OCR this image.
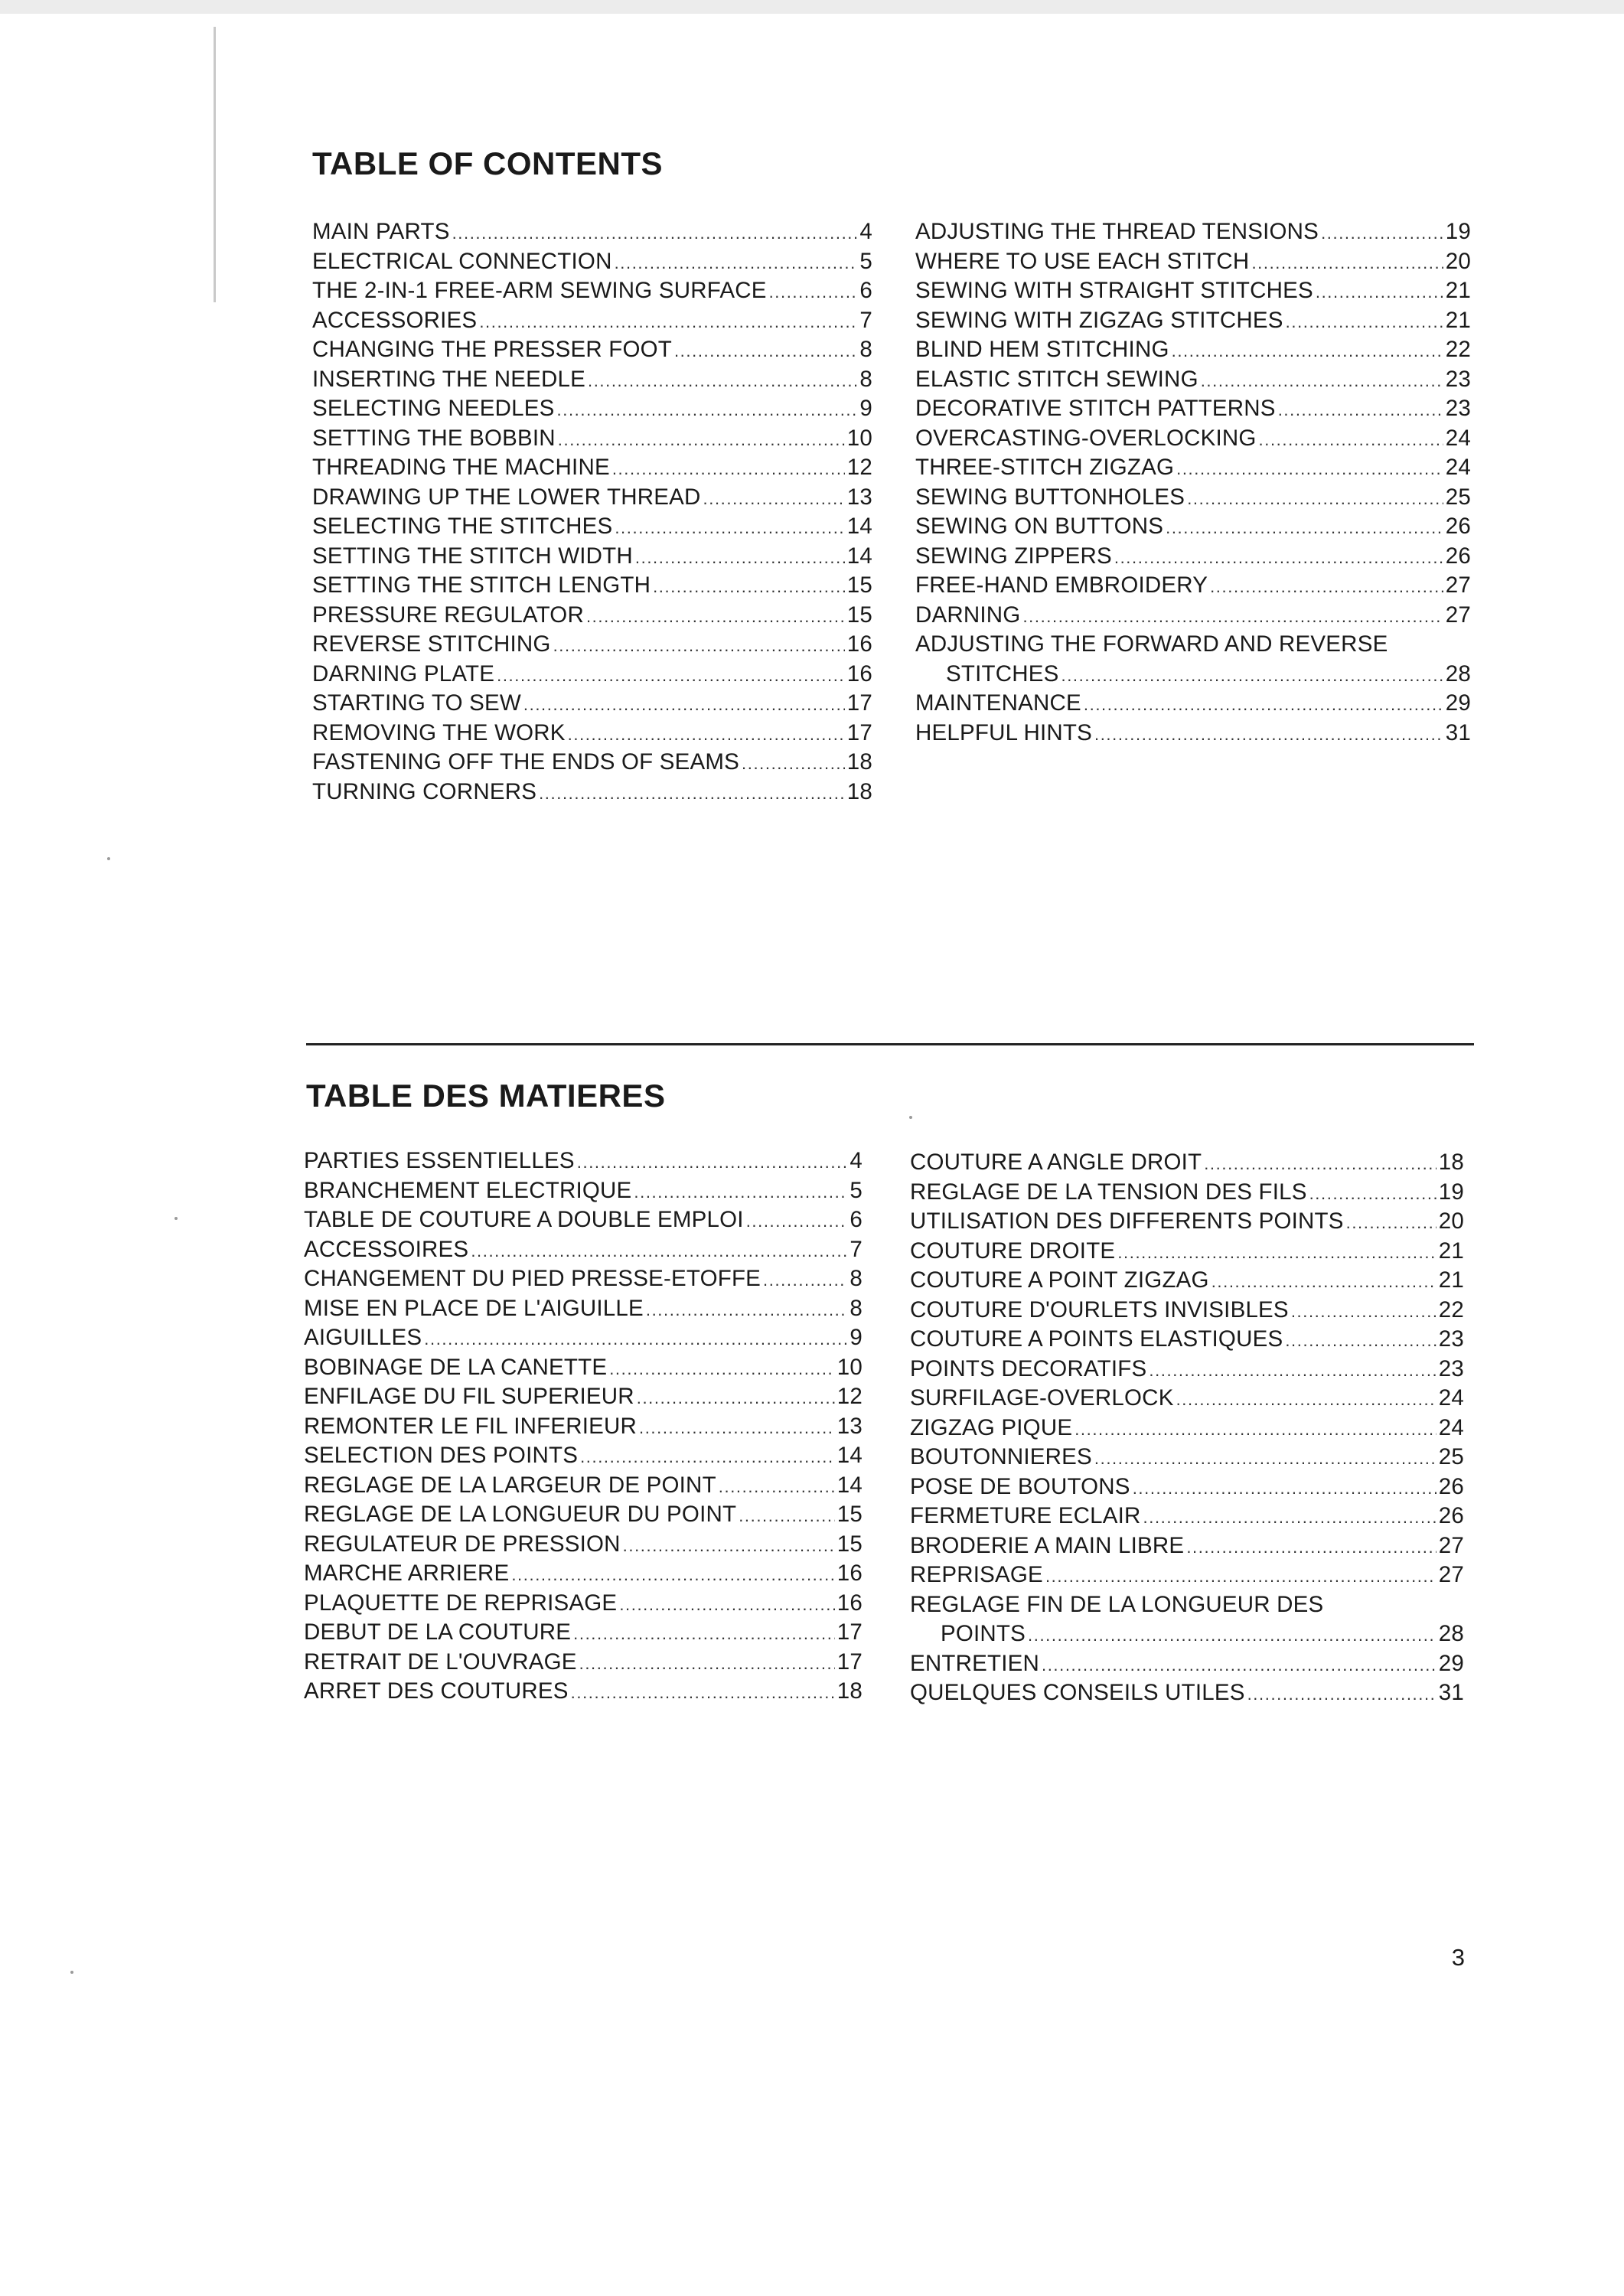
TABLE OF CONTENTS
MAIN PARTS .....	4
ELECTRICAL CONNECTION .....	5
THE 2-IN-1 FREE-ARM SEWING SURFACE .....	6
ACCESSORIES .....	7
CHANGING THE PRESSER FOOT .....	8
INSERTING THE NEEDLE .....	8
SELECTING NEEDLES .....	9
SETTING THE BOBBIN .....	10
THREADING THE MACHINE .....	12
DRAWING UP THE LOWER THREAD .....	13
SELECTING THE STITCHES .....	14
SETTING THE STITCH WIDTH .....	14
SETTING THE STITCH LENGTH .....	15
PRESSURE REGULATOR .....	15
REVERSE STITCHING .....	16
DARNING PLATE .....	16
STARTING TO SEW .....	17
REMOVING THE WORK .....	17
FASTENING OFF THE ENDS OF SEAMS .....	18
TURNING CORNERS .....	18
ADJUSTING THE THREAD TENSIONS .....	19
WHERE TO USE EACH STITCH .....	20
SEWING WITH STRAIGHT STITCHES .....	21
SEWING WITH ZIGZAG STITCHES .....	21
BLIND HEM STITCHING .....	22
ELASTIC STITCH SEWING .....	23
DECORATIVE STITCH PATTERNS .....	23
OVERCASTING-OVERLOCKING .....	24
THREE-STITCH ZIGZAG .....	24
SEWING BUTTONHOLES .....	25
SEWING ON BUTTONS .....	26
SEWING ZIPPERS .....	26
FREE-HAND EMBROIDERY .....	27
DARNING .....	27
ADJUSTING THE FORWARD AND REVERSE
STITCHES .....	28
MAINTENANCE .....	29
HELPFUL HINTS .....	31
TABLE DES MATIERES
PARTIES ESSENTIELLES .....	4
BRANCHEMENT ELECTRIQUE .....	5
TABLE DE COUTURE A DOUBLE EMPLOI .....	6
ACCESSOIRES .....	7
CHANGEMENT DU PIED PRESSE-ETOFFE .....	8
MISE EN PLACE DE L'AIGUILLE .....	8
AIGUILLES .....	9
BOBINAGE DE LA CANETTE .....	10
ENFILAGE DU FIL SUPERIEUR .....	12
REMONTER LE FIL INFERIEUR .....	13
SELECTION DES POINTS .....	14
REGLAGE DE LA LARGEUR DE POINT .....	14
REGLAGE DE LA LONGUEUR DU POINT .....	15
REGULATEUR DE PRESSION .....	15
MARCHE ARRIERE .....	16
PLAQUETTE DE REPRISAGE .....	16
DEBUT DE LA COUTURE .....	17
RETRAIT DE L'OUVRAGE .....	17
ARRET DES COUTURES .....	18
COUTURE A ANGLE DROIT .....	18
REGLAGE DE LA TENSION DES FILS .....	19
UTILISATION DES DIFFERENTS POINTS .....	20
COUTURE DROITE .....	21
COUTURE A POINT ZIGZAG .....	21
COUTURE D'OURLETS INVISIBLES .....	22
COUTURE A POINTS ELASTIQUES .....	23
POINTS DECORATIFS .....	23
SURFILAGE-OVERLOCK .....	24
ZIGZAG PIQUE .....	24
BOUTONNIERES .....	25
POSE DE BOUTONS .....	26
FERMETURE ECLAIR .....	26
BRODERIE A MAIN LIBRE .....	27
REPRISAGE .....	27
REGLAGE FIN DE LA LONGUEUR DES
POINTS .....	28
ENTRETIEN .....	29
QUELQUES CONSEILS UTILES .....	31
3
